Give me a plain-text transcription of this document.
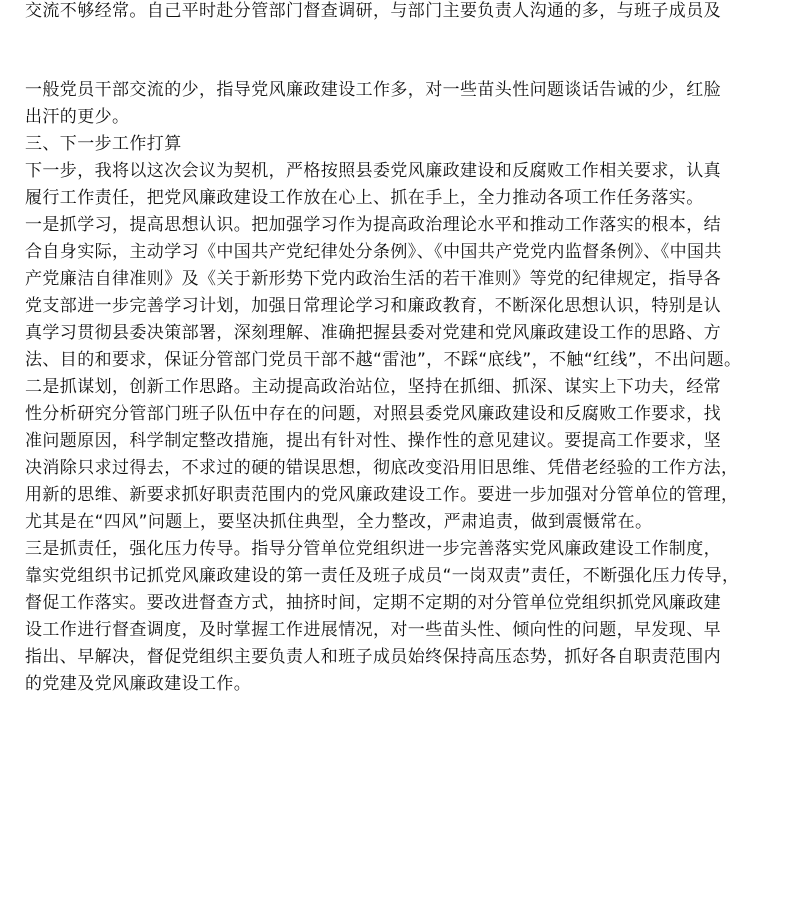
交流不够经常。自己平时赴分管部门督查调研，与部门主要负责人沟通的多，与班子成员及
一般党员干部交流的少，指导党风廉政建设工作多，对一些苗头性问题谈话告诫的少，红脸
出汗的更少。
三、下一步工作打算
下一步，我将以这次会议为契机，严格按照县委党风廉政建设和反腐败工作相关要求，认真
履行工作责任，把党风廉政建设工作放在心上、抓在手上，全力推动各项工作任务落实。
一是抓学习，提高思想认识。把加强学习作为提高政治理论水平和推动工作落实的根本，结
合自身实际，主动学习《中国共产党纪律处分条例》、《中国共产党党内监督条例》、《中国共
产党廉洁自律准则》及《关于新形势下党内政治生活的若干准则》等党的纪律规定，指导各
党支部进一步完善学习计划，加强日常理论学习和廉政教育，不断深化思想认识，特别是认
真学习贯彻县委决策部署，深刻理解、准确把握县委对党建和党风廉政建设工作的思路、方
法、目的和要求，保证分管部门党员干部不越“雷池”，不踩“底线”，不触“红线”，不出问题。
二是抓谋划，创新工作思路。主动提高政治站位，坚持在抓细、抓深、谋实上下功夫，经常
性分析研究分管部门班子队伍中存在的问题，对照县委党风廉政建设和反腐败工作要求，找
准问题原因，科学制定整改措施，提出有针对性、操作性的意见建议。要提高工作要求，坚
决消除只求过得去，不求过的硬的错误思想，彻底改变沿用旧思维、凭借老经验的工作方法，
用新的思维、新要求抓好职责范围内的党风廉政建设工作。要进一步加强对分管单位的管理，
尤其是在“四风”问题上，要坚决抓住典型，全力整改，严肃追责，做到震慑常在。
三是抓责任，强化压力传导。指导分管单位党组织进一步完善落实党风廉政建设工作制度，
靠实党组织书记抓党风廉政建设的第一责任及班子成员“一岗双责”责任，不断强化压力传导，
督促工作落实。要改进督查方式，抽挤时间，定期不定期的对分管单位党组织抓党风廉政建
设工作进行督查调度，及时掌握工作进展情况，对一些苗头性、倾向性的问题，早发现、早
指出、早解决，督促党组织主要负责人和班子成员始终保持高压态势，抓好各自职责范围内
的党建及党风廉政建设工作。
